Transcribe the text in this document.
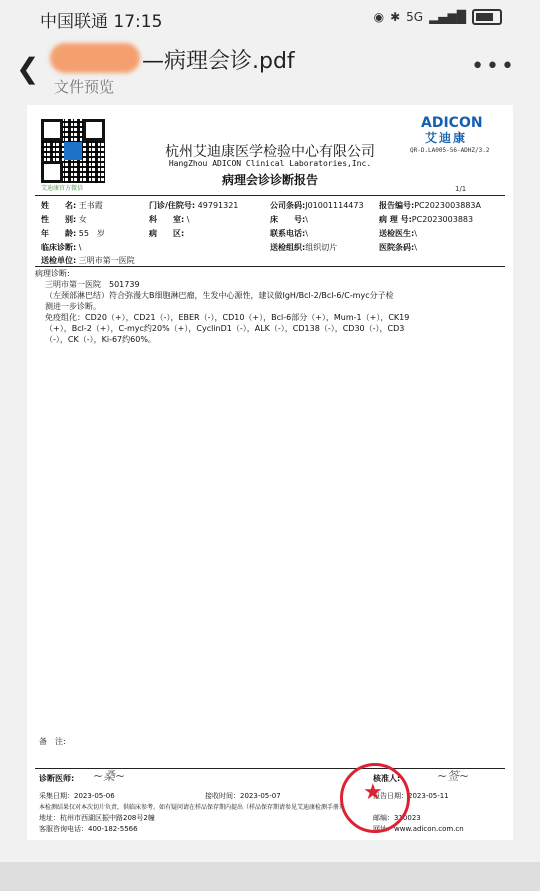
中国联通 17:15	◉ ✱ 5G ▂▄▆█
❮	—病理会诊.pdf
文件预览
•••
艾迪康官方微信
杭州艾迪康医学检验中心有限公司
HangZhou ADICON Clinical Laboratories,Inc.
病理会诊诊断报告
ADICON
艾迪康
QR-D.LA005-56-ADHZ/3.2
1/1
姓　　名: 王书霞	门诊/住院号: 49791321	公司条码:J01001114473 报告编号:PC2023003883A
性　　别: 女	科　　室: \	床　　号:\	病 理 号:PC2023003883
年　　龄: 55　岁	病　　区:	联系电话:\	送检医生:\
临床诊断: \	送检组织:组织切片	医院条码:\
送检单位: 三明市第一医院
病理诊断:
三明市第一医院　501739
（左颈部淋巴结）符合弥漫大B细胞淋巴瘤，生发中心源性，建议做IgH/Bcl-2/Bcl-6/C-myc分子检
测进一步诊断。
免疫组化：CD20（+），CD21（-），EBER（-），CD10（+），Bcl-6部分（+），Mum-1（+），CK19
（+），Bcl-2（+），C-myc约20%（+），CyclinD1（-），ALK（-），CD138（-），CD30（-），CD3
（-），CK（-），Ki-67约60%。
备　注:
诊断医师: ~桑~	核准人:	~签~
采集日期：2023-05-06	接收时间：2023-05-07	报告日期：2023-05-11
本检测结果仅对本次切片负责，供临床参考。如有疑问请在样品保存期内提出（样品保存期请参见艾迪康检测手册）。
地址：杭州市西湖区振中路208号2幢	邮编：310023
客服咨询电话：400-182-5566	网址：www.adicon.com.cn
★
